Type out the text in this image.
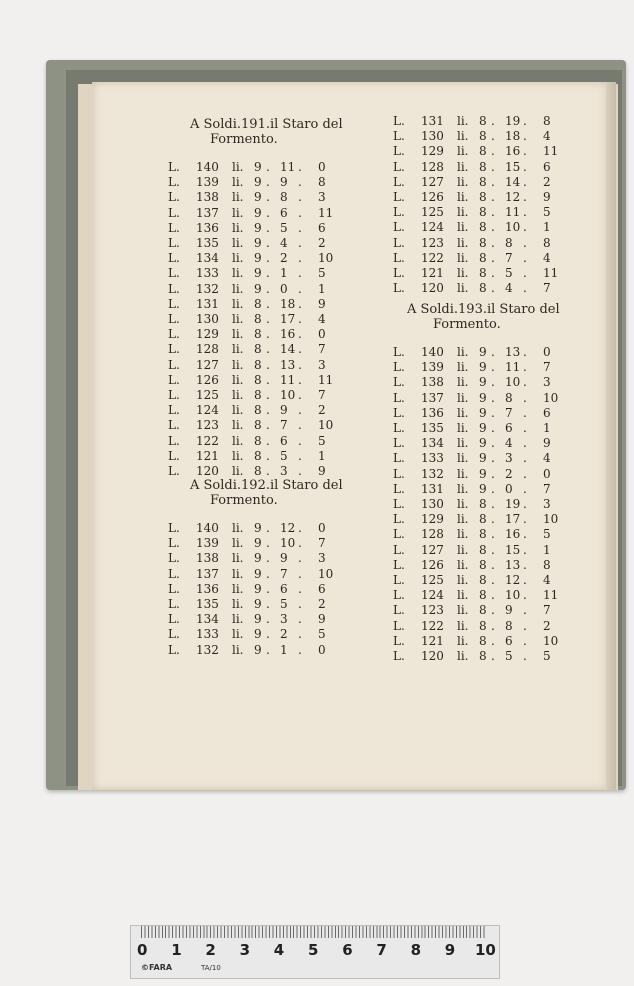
A Soldi.191.il Staro del
Formento.
L. 140 li. 9 . 11 . 0
L. 139 li. 9 . 9 . 8
L. 138 li. 9 . 8 . 3
L. 137 li. 9 . 6 . 11
L. 136 li. 9 . 5 . 6
L. 135 li. 9 . 4 . 2
L. 134 li. 9 . 2 . 10
L. 133 li. 9 . 1 . 5
L. 132 li. 9 . 0 . 1
L. 131 li. 8 . 18 . 9
L. 130 li. 8 . 17 . 4
L. 129 li. 8 . 16 . 0
L. 128 li. 8 . 14 . 7
L. 127 li. 8 . 13 . 3
L. 126 li. 8 . 11 . 11
L. 125 li. 8 . 10 . 7
L. 124 li. 8 . 9 . 2
L. 123 li. 8 . 7 . 10
L. 122 li. 8 . 6 . 5
L. 121 li. 8 . 5 . 1
L. 120 li. 8 . 3 . 9
A Soldi.192.il Staro del
Formento.
L. 140 li. 9 . 12 . 0
L. 139 li. 9 . 10 . 7
L. 138 li. 9 . 9 . 3
L. 137 li. 9 . 7 . 10
L. 136 li. 9 . 6 . 6
L. 135 li. 9 . 5 . 2
L. 134 li. 9 . 3 . 9
L. 133 li. 9 . 2 . 5
L. 132 li. 9 . 1 . 0
L. 131 li. 8 . 19 . 8
L. 130 li. 8 . 18 . 4
L. 129 li. 8 . 16 . 11
L. 128 li. 8 . 15 . 6
L. 127 li. 8 . 14 . 2
L. 126 li. 8 . 12 . 9
L. 125 li. 8 . 11 . 5
L. 124 li. 8 . 10 . 1
L. 123 li. 8 . 8 . 8
L. 122 li. 8 . 7 . 4
L. 121 li. 8 . 5 . 11
L. 120 li. 8 . 4 . 7
A Soldi.193.il Staro del
Formento.
L. 140 li. 9 . 13 . 0
L. 139 li. 9 . 11 . 7
L. 138 li. 9 . 10 . 3
L. 137 li. 9 . 8 . 10
L. 136 li. 9 . 7 . 6
L. 135 li. 9 . 6 . 1
L. 134 li. 9 . 4 . 9
L. 133 li. 9 . 3 . 4
L. 132 li. 9 . 2 . 0
L. 131 li. 9 . 0 . 7
L. 130 li. 8 . 19 . 3
L. 129 li. 8 . 17 . 10
L. 128 li. 8 . 16 . 5
L. 127 li. 8 . 15 . 1
L. 126 li. 8 . 13 . 8
L. 125 li. 8 . 12 . 4
L. 124 li. 8 . 10 . 11
L. 123 li. 8 . 9 . 7
L. 122 li. 8 . 8 . 2
L. 121 li. 8 . 6 . 10
L. 120 li. 8 . 5 . 5
0 1 2 3 4 5 6 7 8 9 10
©FARA	TA/10
